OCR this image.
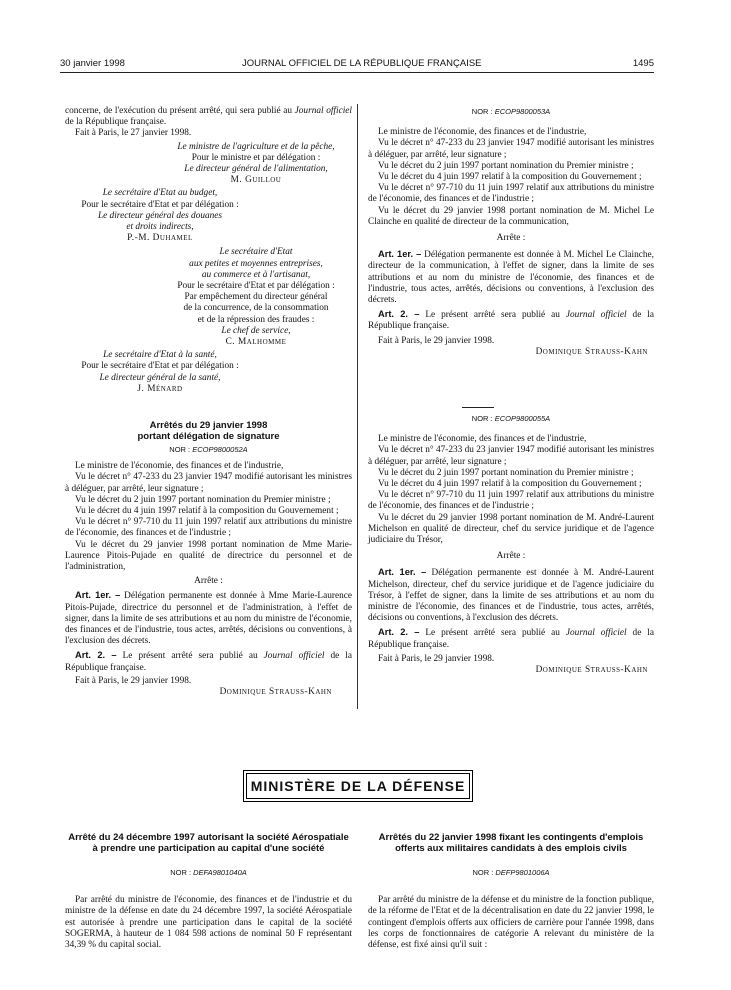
30 janvier 1998	JOURNAL OFFICIEL DE LA RÉPUBLIQUE FRANÇAISE	1495

concerne, de l'exécution du présent arrêté, qui sera publié au Journal officiel de la République française.

Fait à Paris, le 27 janvier 1998.

Le ministre de l'agriculture et de la pêche,
Pour le ministre et par délégation :
Le directeur général de l'alimentation,
M. Guillou
Le secrétaire d'Etat au budget,
Pour le secrétaire d'Etat et par délégation :
Le directeur général des douanes
et droits indirects,
P.-M. Duhamel
Le secrétaire d'Etat
aux petites et moyennes entreprises,
au commerce et à l'artisanat,
Pour le secrétaire d'Etat et par délégation :
Par empêchement du directeur général
de la concurrence, de la consommation
et de la répression des fraudes :
Le chef de service,
C. Malhomme
Le secrétaire d'Etat à la santé,
Pour le secrétaire d'Etat et par délégation :
Le directeur général de la santé,
J. Ménard
Arrêtés du 29 janvier 1998
portant délégation de signature
NOR : ECOP9800052A

Le ministre de l'économie, des finances et de l'industrie,

Vu le décret n° 47-233 du 23 janvier 1947 modifié autorisant les ministres à déléguer, par arrêté, leur signature ;

Vu le décret du 2 juin 1997 portant nomination du Premier ministre ;

Vu le décret du 4 juin 1997 relatif à la composition du Gouvernement ;

Vu le décret n° 97-710 du 11 juin 1997 relatif aux attributions du ministre de l'économie, des finances et de l'industrie ;

Vu le décret du 29 janvier 1998 portant nomination de Mme Marie-Laurence Pitois-Pujade en qualité de directrice du personnel et de l'administration,

Arrête :

Art. 1er. – Délégation permanente est donnée à Mme Marie-Laurence Pitois-Pujade, directrice du personnel et de l'administration, à l'effet de signer, dans la limite de ses attributions et au nom du ministre de l'économie, des finances et de l'industrie, tous actes, arrêtés, décisions ou conventions, à l'exclusion des décrets.

Art. 2. – Le présent arrêté sera publié au Journal officiel de la République française.

Fait à Paris, le 29 janvier 1998.

Dominique Strauss-Kahn
NOR : ECOP9800053A

Le ministre de l'économie, des finances et de l'industrie,

Vu le décret n° 47-233 du 23 janvier 1947 modifié autorisant les ministres à déléguer, par arrêté, leur signature ;

Vu le décret du 2 juin 1997 portant nomination du Premier ministre ;

Vu le décret du 4 juin 1997 relatif à la composition du Gouvernement ;

Vu le décret n° 97-710 du 11 juin 1997 relatif aux attributions du ministre de l'économie, des finances et de l'industrie ;

Vu le décret du 29 janvier 1998 portant nomination de M. Michel Le Clainche en qualité de directeur de la communication,

Arrête :

Art. 1er. – Délégation permanente est donnée à M. Michel Le Clainche, directeur de la communication, à l'effet de signer, dans la limite de ses attributions et au nom du ministre de l'économie, des finances et de l'industrie, tous actes, arrêtés, décisions ou conventions, à l'exclusion des décrets.

Art. 2. – Le présent arrêté sera publié au Journal officiel de la République française.

Fait à Paris, le 29 janvier 1998.

Dominique Strauss-Kahn
NOR : ECOP9800055A

Le ministre de l'économie, des finances et de l'industrie,

Vu le décret n° 47-233 du 23 janvier 1947 modifié autorisant les ministres à déléguer, par arrêté, leur signature ;

Vu le décret du 2 juin 1997 portant nomination du Premier ministre ;

Vu le décret du 4 juin 1997 relatif à la composition du Gouvernement ;

Vu le décret n° 97-710 du 11 juin 1997 relatif aux attributions du ministre de l'économie, des finances et de l'industrie ;

Vu le décret du 29 janvier 1998 portant nomination de M. André-Laurent Michelson en qualité de directeur, chef du service juridique et de l'agence judiciaire du Trésor,

Arrête :

Art. 1er. – Délégation permanente est donnée à M. André-Laurent Michelson, directeur, chef du service juridique et de l'agence judiciaire du Trésor, à l'effet de signer, dans la limite de ses attributions et au nom du ministre de l'économie, des finances et de l'industrie, tous actes, arrêtés, décisions ou conventions, à l'exclusion des décrets.

Art. 2. – Le présent arrêté sera publié au Journal officiel de la République française.

Fait à Paris, le 29 janvier 1998.

Dominique Strauss-Kahn
MINISTÈRE DE LA DÉFENSE
Arrêté du 24 décembre 1997 autorisant la société Aérospatiale à prendre une participation au capital d'une société
NOR : DEFA9801040A

Par arrêté du ministre de l'économie, des finances et de l'industrie et du ministre de la défense en date du 24 décembre 1997, la société Aérospatiale est autorisée à prendre une participation dans le capital de la société SOGERMA, à hauteur de 1 084 598 actions de nominal 50 F représentant 34,39 % du capital social.

Arrêtés du 22 janvier 1998 fixant les contingents d'emplois offerts aux militaires candidats à des emplois civils
NOR : DEFP9801006A

Par arrêté du ministre de la défense et du ministre de la fonction publique, de la réforme de l'Etat et de la décentralisation en date du 22 janvier 1998, le contingent d'emplois offerts aux officiers de carrière pour l'année 1998, dans les corps de fonctionnaires de catégorie A relevant du ministère de la défense, est fixé ainsi qu'il suit :
